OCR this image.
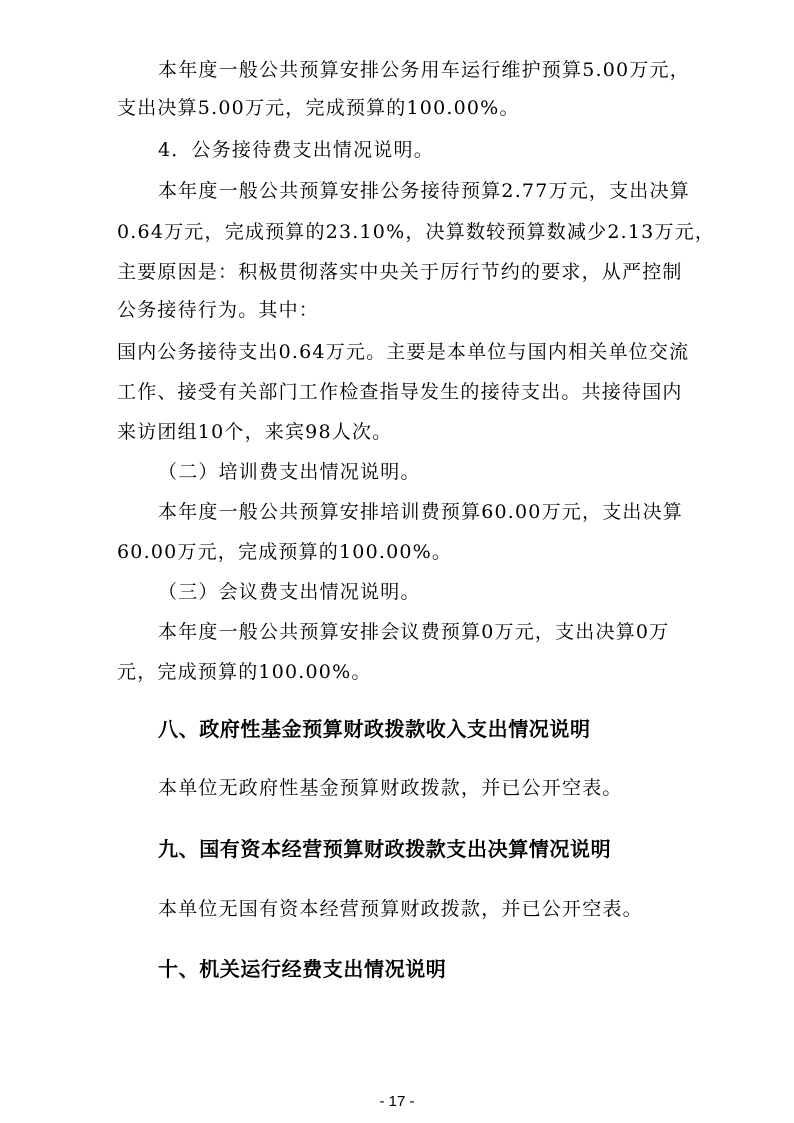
本年度一般公共预算安排公务用车运行维护预算5.00万元，
支出决算5.00万元，完成预算的100.00%。
4．公务接待费支出情况说明。
本年度一般公共预算安排公务接待预算2.77万元，支出决算
0.64万元，完成预算的23.10%，决算数较预算数减少2.13万元，
主要原因是：积极贯彻落实中央关于厉行节约的要求，从严控制
公务接待行为。其中：
国内公务接待支出0.64万元。主要是本单位与国内相关单位交流
工作、接受有关部门工作检查指导发生的接待支出。共接待国内
来访团组10个，来宾98人次。
（二）培训费支出情况说明。
本年度一般公共预算安排培训费预算60.00万元，支出决算
60.00万元，完成预算的100.00%。
（三）会议费支出情况说明。
本年度一般公共预算安排会议费预算0万元，支出决算0万
元，完成预算的100.00%。
八、政府性基金预算财政拨款收入支出情况说明
本单位无政府性基金预算财政拨款，并已公开空表。
九、国有资本经营预算财政拨款支出决算情况说明
本单位无国有资本经营预算财政拨款，并已公开空表。
十、机关运行经费支出情况说明
- 17 -
